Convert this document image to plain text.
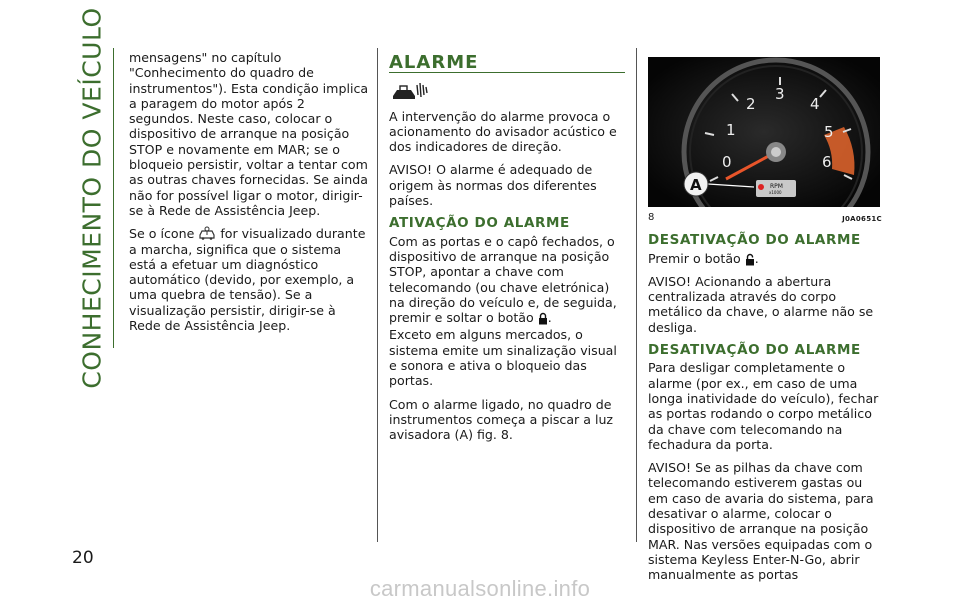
CONHECIMENTO DO VEÍCULO
20

mensagens" no capítulo "Conhecimento do quadro de instrumentos"). Esta condição implica a paragem do motor após 2 segundos. Neste caso, colocar o dispositivo de arranque na posição STOP e novamente em MAR; se o bloqueio persistir, voltar a tentar com as outras chaves fornecidas. Se ainda não for possível ligar o motor, dirigir-se à Rede de Assistência Jeep.

Se o ícone for visualizado durante a marcha, significa que o sistema está a efetuar um diagnóstico automático (devido, por exemplo, a uma quebra de tensão). Se a visualização persistir, dirigir-se à Rede de Assistência Jeep.

ALARME

A intervenção do alarme provoca o acionamento do avisador acústico e dos indicadores de direção.

AVISO! O alarme é adequado de origem às normas dos diferentes países.

ATIVAÇÃO DO ALARME

Com as portas e o capô fechados, o dispositivo de arranque na posição STOP, apontar a chave com telecomando (ou chave eletrónica) na direção do veículo e, de seguida, premir e soltar o botão .

Exceto em alguns mercados, o sistema emite um sinalização visual e sonora e ativa o bloqueio das portas.

Com o alarme ligado, no quadro de instrumentos começa a piscar a luz avisadora (A) fig. 8.

0
1
2
3
4
5
6
RPM
x1000
A
8	J0A0651C
DESATIVAÇÃO DO ALARME

Premir o botão .

AVISO! Acionando a abertura centralizada através do corpo metálico da chave, o alarme não se desliga.

DESATIVAÇÃO DO ALARME

Para desligar completamente o alarme (por ex., em caso de uma longa inatividade do veículo), fechar as portas rodando o corpo metálico da chave com telecomando na fechadura da porta.

AVISO! Se as pilhas da chave com telecomando estiverem gastas ou em caso de avaria do sistema, para desativar o alarme, colocar o dispositivo de arranque na posição MAR. Nas versões equipadas com o sistema Keyless Enter-N-Go, abrir manualmente as portas

carmanualsonline.info
